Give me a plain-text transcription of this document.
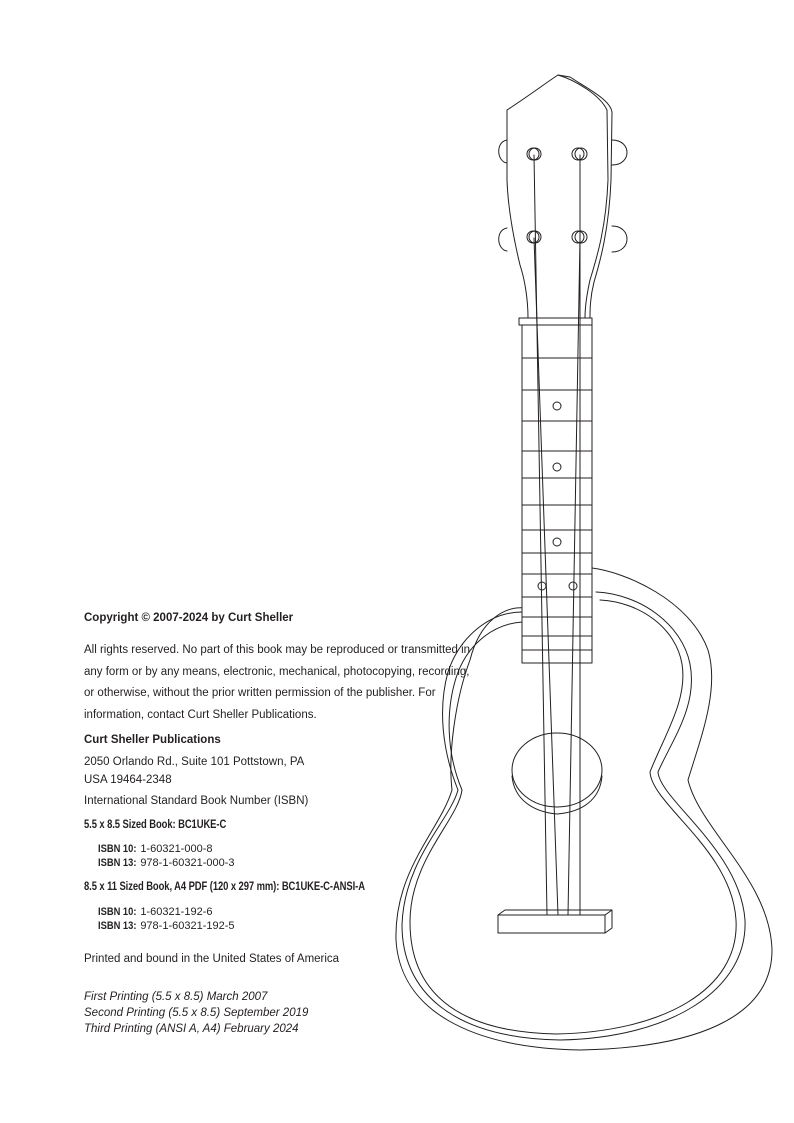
Copyright © 2007-2024 by Curt Sheller

All rights reserved. No part of this book may be reproduced or transmitted in
any form or by any means, electronic, mechanical, photocopying, recording,
or otherwise, without the prior written permission of the publisher. For
information, contact Curt Sheller Publications.

Curt Sheller Publications

2050 Orlando Rd., Suite 101 Pottstown, PA
USA 19464-2348

International Standard Book Number (ISBN)

5.5 x 8.5 Sized Book: BC1UKE-C

ISBN 10: 1-60321-000-8
ISBN 13: 978-1-60321-000-3

8.5 x 11 Sized Book, A4 PDF (120 x 297 mm): BC1UKE-C-ANSI-A

ISBN 10: 1-60321-192-6
ISBN 13: 978-1-60321-192-5

Printed and bound in the United States of America

First Printing (5.5 x 8.5) March 2007
Second Printing (5.5 x 8.5) September 2019
Third Printing (ANSI A, A4) February 2024
